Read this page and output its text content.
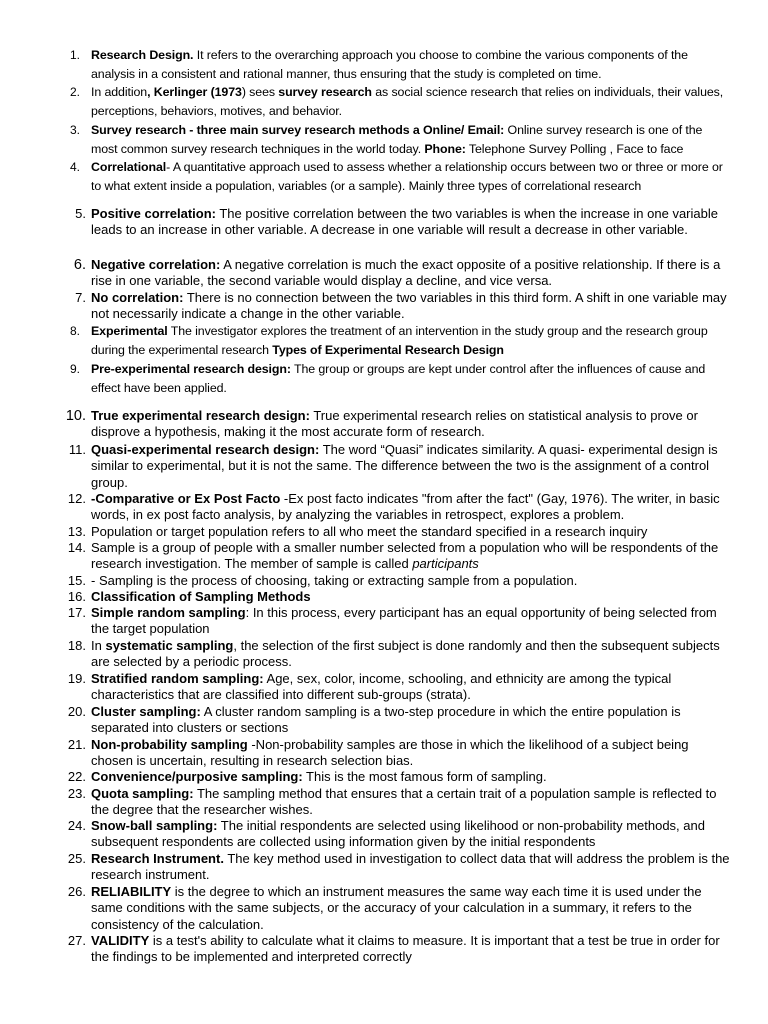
1. Research Design. It refers to the overarching approach you choose to combine the various components of the analysis in a consistent and rational manner, thus ensuring that the study is completed on time.
2. In addition, Kerlinger (1973) sees survey research as social science research that relies on individuals, their values, perceptions, behaviors, motives, and behavior.
3. Survey research - three main survey research methods a Online/ Email: Online survey research is one of the most common survey research techniques in the world today. Phone: Telephone Survey Polling , Face to face
4. Correlational- A quantitative approach used to assess whether a relationship occurs between two or three or more or to what extent inside a population, variables (or a sample). Mainly three types of correlational research
5. Positive correlation: The positive correlation between the two variables is when the increase in one variable leads to an increase in other variable. A decrease in one variable will result a decrease in other variable.
6. Negative correlation: A negative correlation is much the exact opposite of a positive relationship. If there is a rise in one variable, the second variable would display a decline, and vice versa.
7. No correlation: There is no connection between the two variables in this third form. A shift in one variable may not necessarily indicate a change in the other variable.
8. Experimental The investigator explores the treatment of an intervention in the study group and the research group during the experimental research Types of Experimental Research Design
9. Pre-experimental research design: The group or groups are kept under control after the influences of cause and effect have been applied.
10. True experimental research design: True experimental research relies on statistical analysis to prove or disprove a hypothesis, making it the most accurate form of research.
11. Quasi-experimental research design: The word “Quasi” indicates similarity. A quasi- experimental design is similar to experimental, but it is not the same. The difference between the two is the assignment of a control group.
12. -Comparative or Ex Post Facto -Ex post facto indicates "from after the fact" (Gay, 1976). The writer, in basic words, in ex post facto analysis, by analyzing the variables in retrospect, explores a problem.
13. Population or target population refers to all who meet the standard specified in a research inquiry
14. Sample is a group of people with a smaller number selected from a population who will be respondents of the research investigation. The member of sample is called participants
15. - Sampling is the process of choosing, taking or extracting sample from a population.
16. Classification of Sampling Methods
17. Simple random sampling: In this process, every participant has an equal opportunity of being selected from the target population
18. In systematic sampling, the selection of the first subject is done randomly and then the subsequent subjects are selected by a periodic process.
19. Stratified random sampling: Age, sex, color, income, schooling, and ethnicity are among the typical characteristics that are classified into different sub-groups (strata).
20. Cluster sampling: A cluster random sampling is a two-step procedure in which the entire population is separated into clusters or sections
21. Non-probability sampling -Non-probability samples are those in which the likelihood of a subject being chosen is uncertain, resulting in research selection bias.
22. Convenience/purposive sampling: This is the most famous form of sampling.
23. Quota sampling: The sampling method that ensures that a certain trait of a population sample is reflected to the degree that the researcher wishes.
24. Snow-ball sampling: The initial respondents are selected using likelihood or non-probability methods, and subsequent respondents are collected using information given by the initial respondents
25. Research Instrument. The key method used in investigation to collect data that will address the problem is the research instrument.
26. RELIABILITY is the degree to which an instrument measures the same way each time it is used under the same conditions with the same subjects, or the accuracy of your calculation in a summary, it refers to the consistency of the calculation.
27. VALIDITY is a test's ability to calculate what it claims to measure. It is important that a test be true in order for the findings to be implemented and interpreted correctly
